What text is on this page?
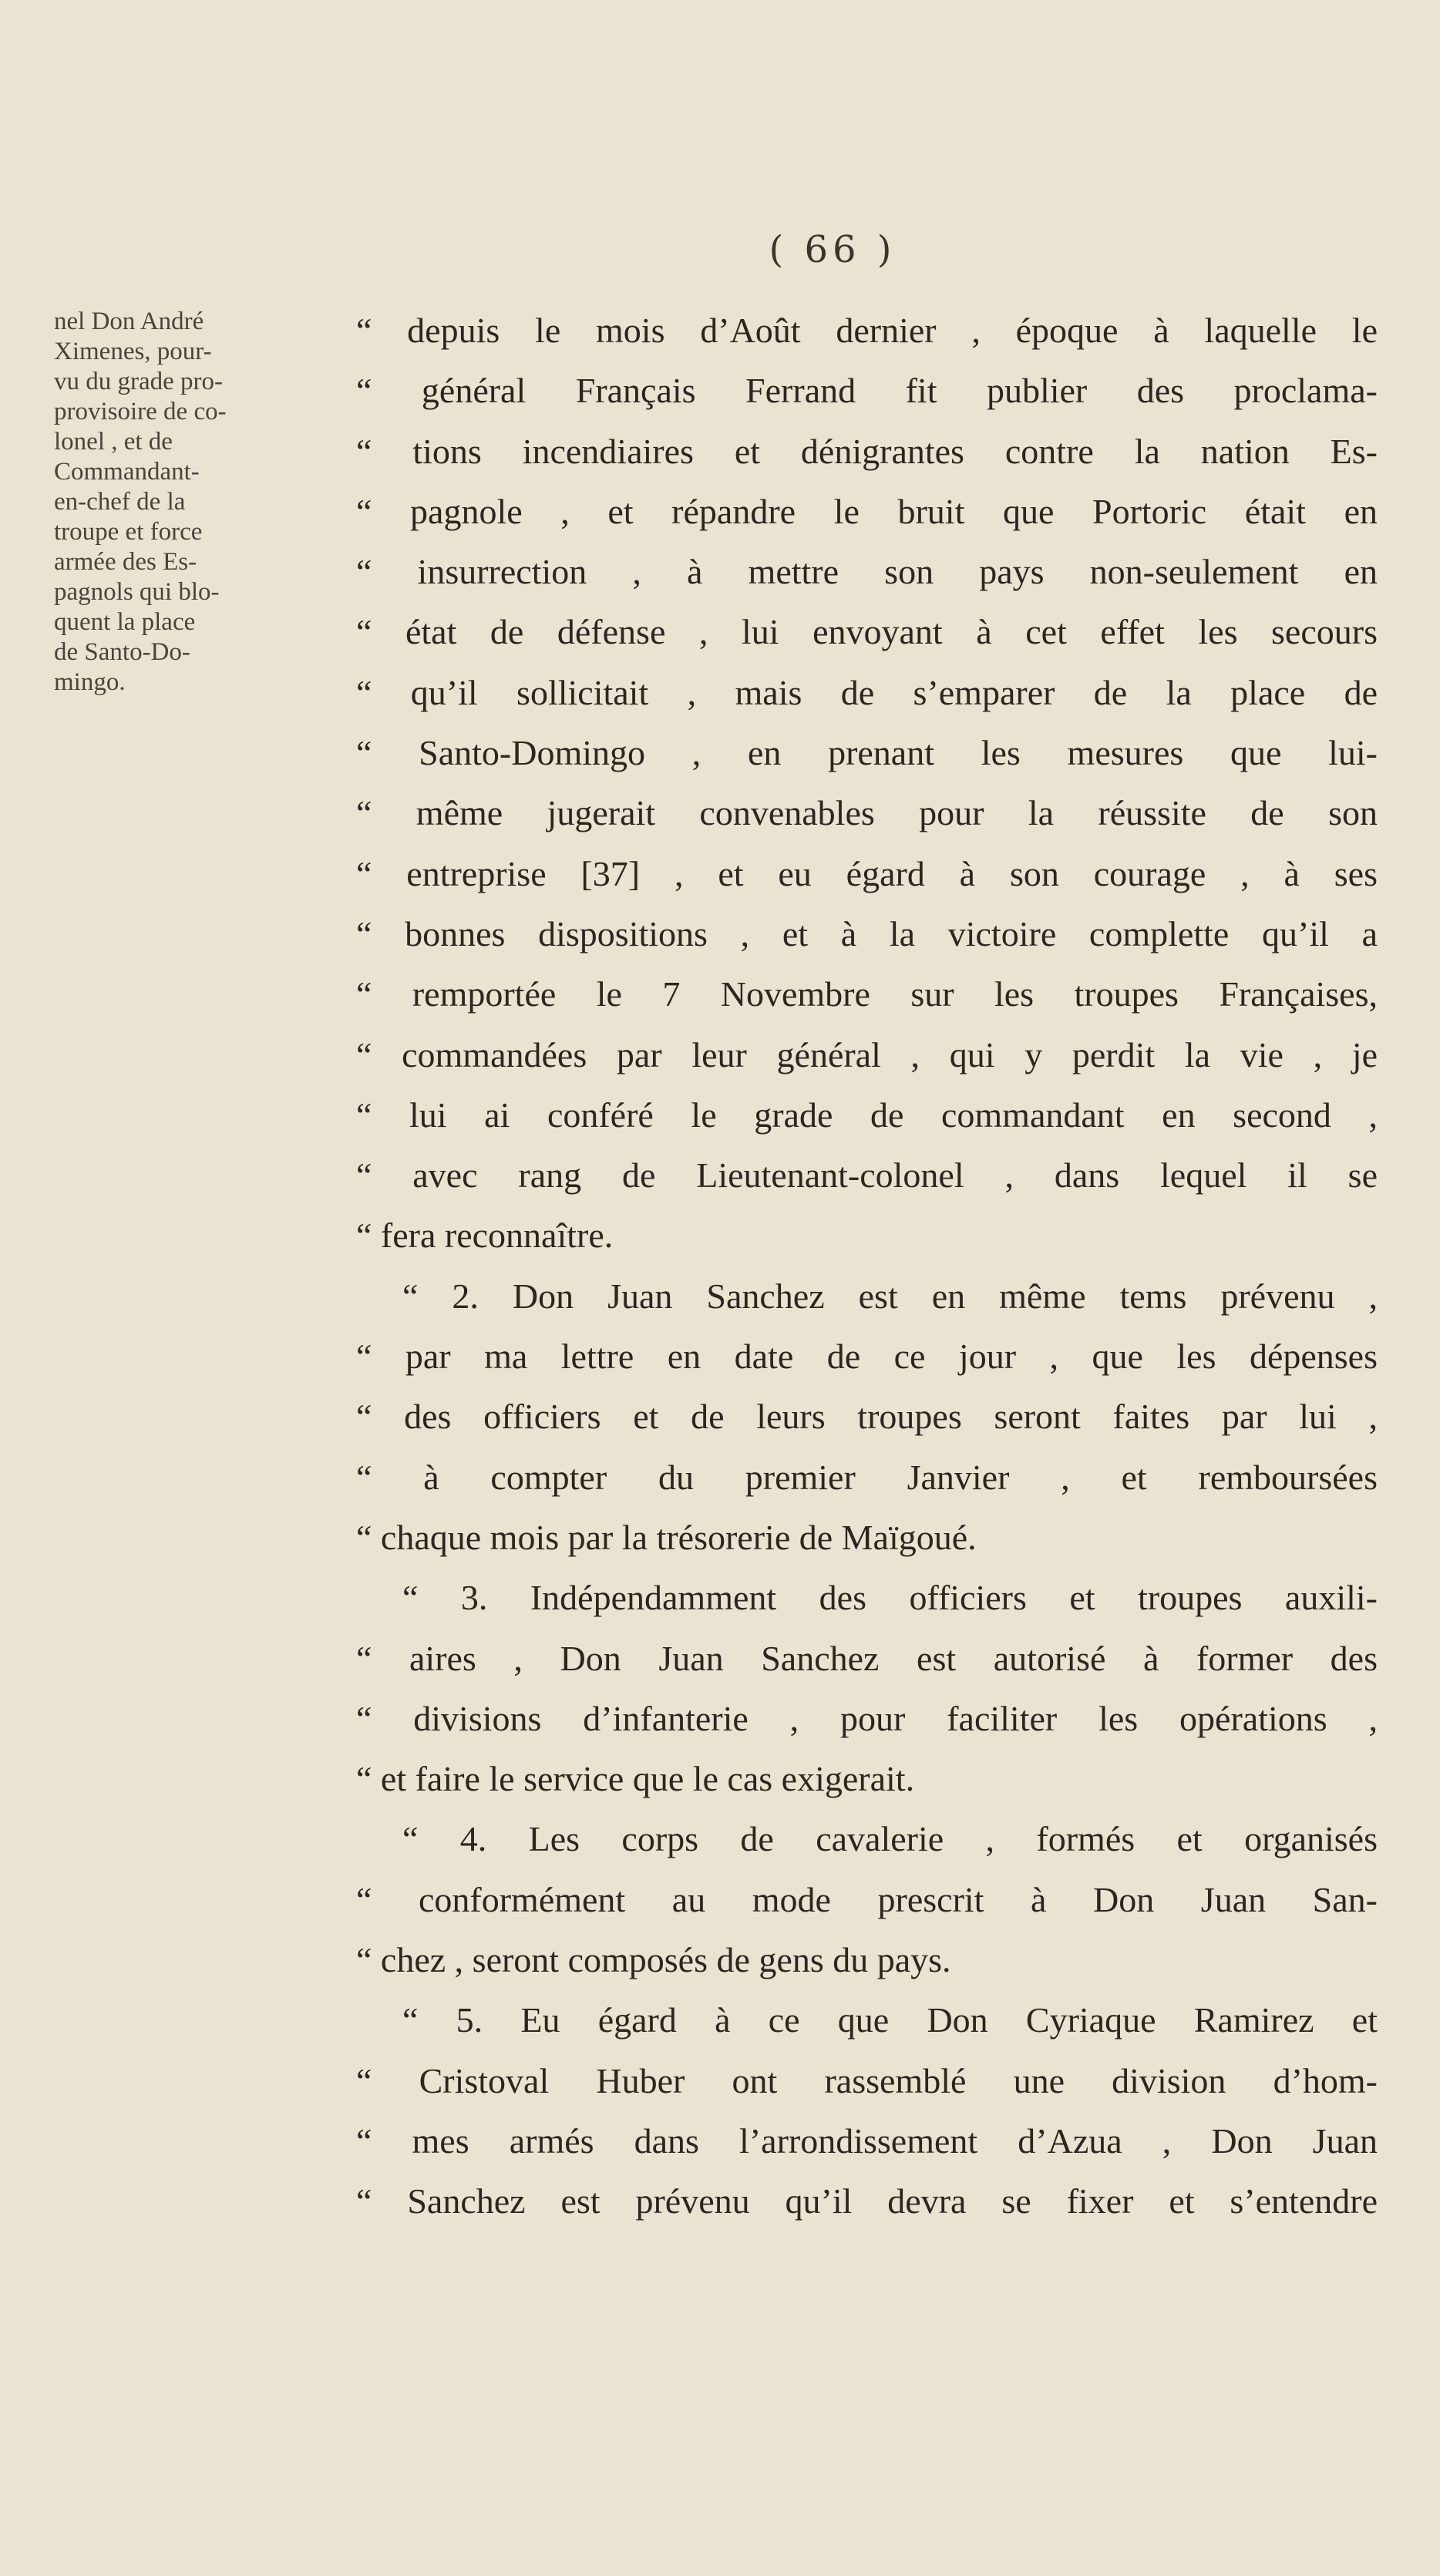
( 66 )
nel Don André
Ximenes, pour-
vu du grade pro-
provisoire de co-
lonel , et de
Commandant-
en-chef de la
troupe et force
armée des Es-
pagnols qui blo-
quent la place
de Santo-Do-
mingo.
“ depuis le mois d’Août dernier , époque à laquelle le
“ général Français Ferrand fit publier des proclama-
“ tions incendiaires et dénigrantes contre la nation Es-
“ pagnole , et répandre le bruit que Portoric était en
“ insurrection , à mettre son pays non-seulement en
“ état de défense , lui envoyant à cet effet les secours
“ qu’il sollicitait , mais de s’emparer de la place de
“ Santo-Domingo , en prenant les mesures que lui-
“ même jugerait convenables pour la réussite de son
“ entreprise [37] , et eu égard à son courage , à ses
“ bonnes dispositions , et à la victoire complette qu’il a
“ remportée le 7 Novembre sur les troupes Françaises,
“ commandées par leur général , qui y perdit la vie , je
“ lui ai conféré le grade de commandant en second ,
“ avec rang de Lieutenant-colonel , dans lequel il se
“ fera reconnaître.
“ 2. Don Juan Sanchez est en même tems prévenu ,
“ par ma lettre en date de ce jour , que les dépenses
“ des officiers et de leurs troupes seront faites par lui ,
“ à compter du premier Janvier , et remboursées
“ chaque mois par la trésorerie de Maïgoué.
“ 3. Indépendamment des officiers et troupes auxili-
“ aires , Don Juan Sanchez est autorisé à former des
“ divisions d’infanterie , pour faciliter les opérations ,
“ et faire le service que le cas exigerait.
“ 4. Les corps de cavalerie , formés et organisés
“ conformément au mode prescrit à Don Juan San-
“ chez , seront composés de gens du pays.
“ 5. Eu égard à ce que Don Cyriaque Ramirez et
“ Cristoval Huber ont rassemblé une division d’hom-
“ mes armés dans l’arrondissement d’Azua , Don Juan
“ Sanchez est prévenu qu’il devra se fixer et s’entendre
